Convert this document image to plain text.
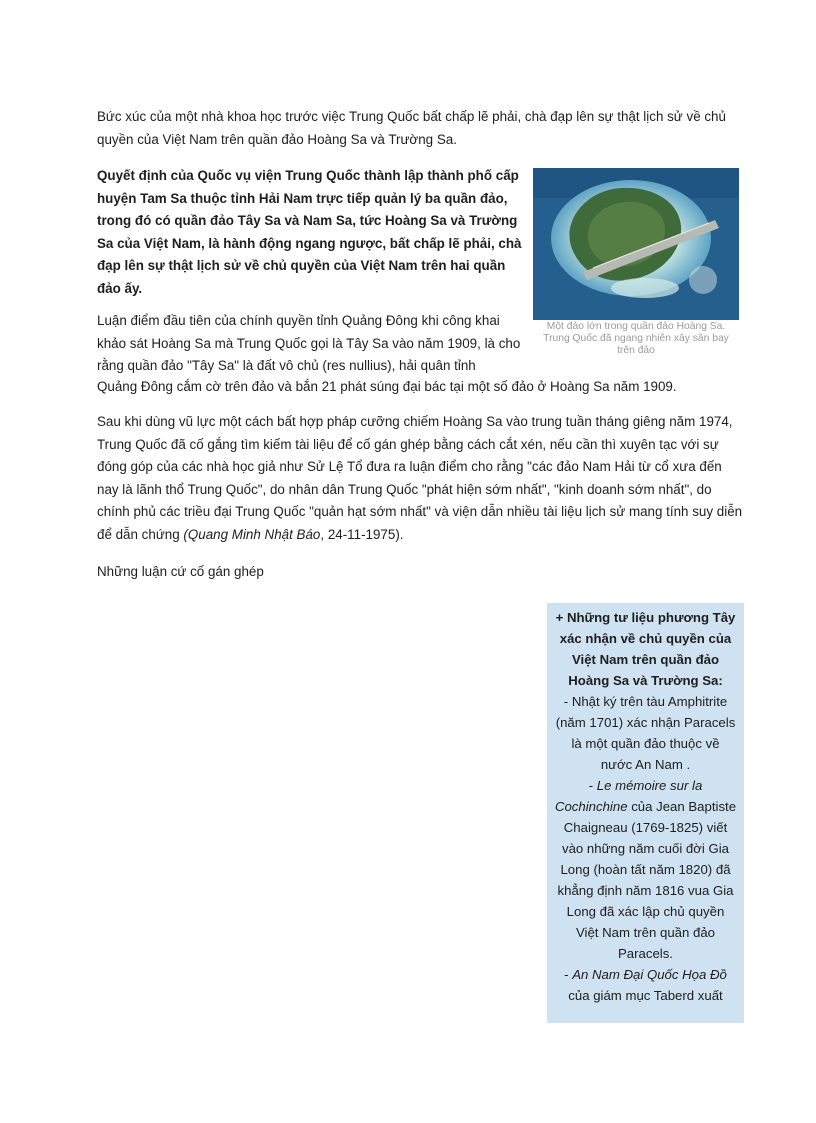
Bức xúc của một nhà khoa học trước việc Trung Quốc bất chấp lẽ phải, chà đạp lên sự thật lịch sử về chủ quyền của Việt Nam trên quần đảo Hoàng Sa và Trường Sa.

Quyết định của Quốc vụ viện Trung Quốc thành lập thành phố cấp huyện Tam Sa thuộc tỉnh Hải Nam trực tiếp quản lý ba quần đảo, trong đó có quần đảo Tây Sa và Nam Sa, tức Hoàng Sa và Trường Sa của Việt Nam, là hành động ngang ngược, bất chấp lẽ phải, chà đạp lên sự thật lịch sử về chủ quyền của Việt Nam trên hai quần đảo ấy.

Một đảo lớn trong quần đảo Hoàng Sa. Trung Quốc đã ngang nhiên xây sân bay trên đảo

Luận điểm đầu tiên của chính quyền tỉnh Quảng Đông khi công khai khảo sát Hoàng Sa mà Trung Quốc gọi là Tây Sa vào năm 1909, là cho rằng quần đảo "Tây Sa" là đất vô chủ (res nullius), hải quân tỉnh

Quảng Đông cắm cờ trên đảo và bắn 21 phát súng đại bác tại một số đảo ở Hoàng Sa năm 1909.

Sau khi dùng vũ lực một cách bất hợp pháp cưỡng chiếm Hoàng Sa vào trung tuần tháng giêng năm 1974, Trung Quốc đã cố gắng tìm kiếm tài liệu để cố gán ghép bằng cách cắt xén, nếu cần thì xuyên tạc với sự đóng góp của các nhà học giả như Sử Lệ Tổ đưa ra luận điểm cho rằng "các đảo Nam Hải từ cổ xưa đến nay là lãnh thổ Trung Quốc", do nhân dân Trung Quốc "phát hiện sớm nhất", "kinh doanh sớm nhất", do chính phủ các triều đại Trung Quốc "quản hạt sớm nhất" và viện dẫn nhiều tài liệu lịch sử mang tính suy diễn để dẫn chứng (Quang Minh Nhật Báo, 24-11-1975).

Những luận cứ cố gán ghép

+ Những tư liệu phương Tây xác nhận về chủ quyền của Việt Nam trên quần đảo Hoàng Sa và Trường Sa:
- Nhật ký trên tàu Amphitrite (năm 1701) xác nhận Paracels là một quần đảo thuộc về nước An Nam .
- Le mémoire sur la Cochinchine của Jean Baptiste Chaigneau (1769-1825) viết vào những năm cuối đời Gia Long (hoàn tất năm 1820) đã khẳng định năm 1816 vua Gia Long đã xác lập chủ quyền Việt Nam trên quần đảo Paracels.
- An Nam Đại Quốc Họa Đồ của giám mục Taberd xuất
